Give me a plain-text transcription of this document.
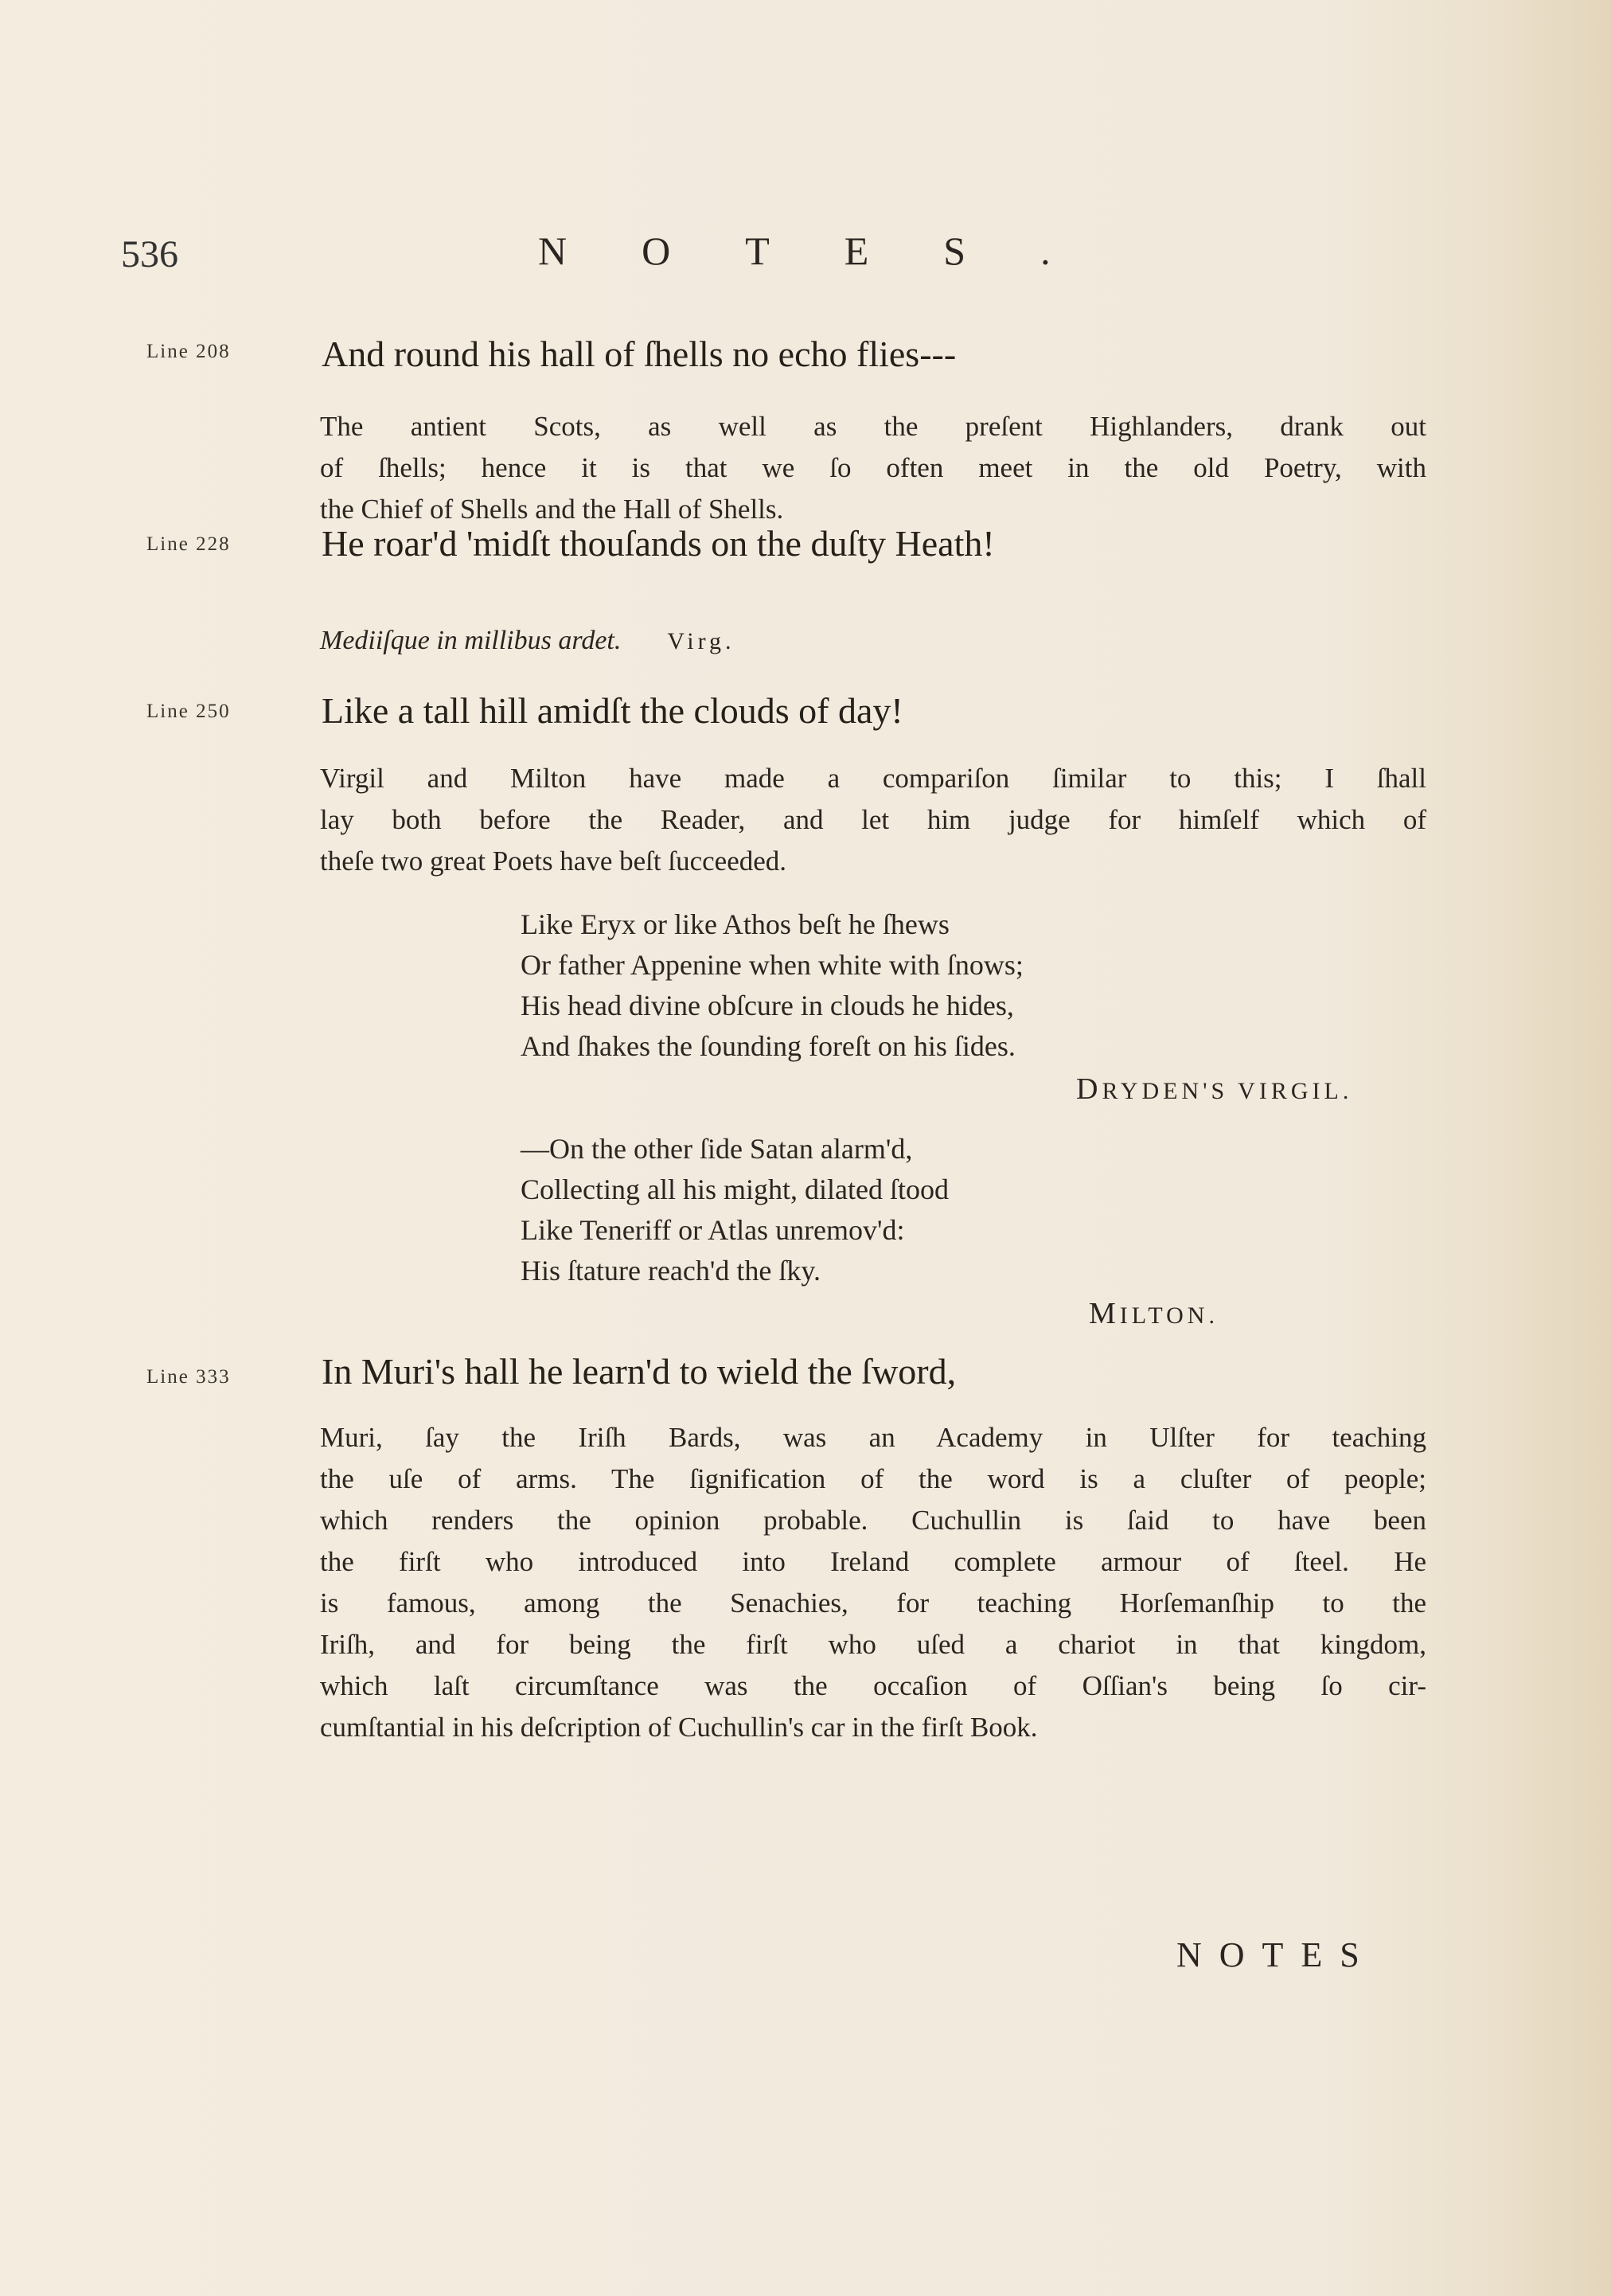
536	NOTES.
Line 208 And round his hall of ſhells no echo flies---
The antient Scots, as well as the preſent Highlanders, drank out
of ſhells; hence it is that we ſo often meet in the old Poetry, with
the Chief of Shells and the Hall of Shells.
Line 228 He roar'd 'midſt thouſands on the duſty Heath!
Mediiſque in millibus ardet. Virg.
Line 250 Like a tall hill amidſt the clouds of day!
Virgil and Milton have made a compariſon ſimilar to this; I ſhall
lay both before the Reader, and let him judge for himſelf which of
theſe two great Poets have beſt ſucceeded.
Like Eryx or like Athos beſt he ſhews
Or father Appenine when white with ſnows;
His head divine obſcure in clouds he hides,
And ſhakes the ſounding foreſt on his ſides.
DRYDEN'S VIRGIL.
—On the other ſide Satan alarm'd,
Collecting all his might, dilated ſtood
Like Teneriff or Atlas unremov'd:
His ſtature reach'd the ſky.
MILTON.
Line 333 In Muri's hall he learn'd to wield the ſword,
Muri, ſay the Iriſh Bards, was an Academy in Ulſter for teaching
the uſe of arms. The ſignification of the word is a cluſter of people;
which renders the opinion probable. Cuchullin is ſaid to have been
the firſt who introduced into Ireland complete armour of ſteel. He
is famous, among the Senachies, for teaching Horſemanſhip to the
Iriſh, and for being the firſt who uſed a chariot in that kingdom,
which laſt circumſtance was the occaſion of Oſſian's being ſo cir-
cumſtantial in his deſcription of Cuchullin's car in the firſt Book.
NOTES
